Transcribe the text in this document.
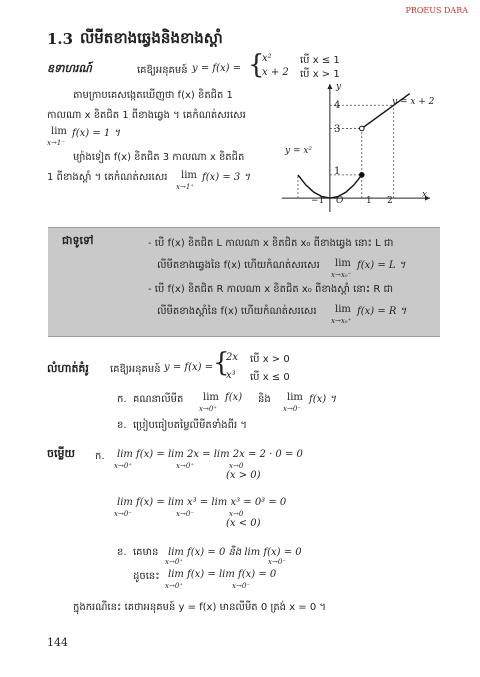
PROEUS DARA
1.3 លីមីតខាងឆ្វេងនិងខាងស្តាំ
ឧទាហរណ៍	គេឱ្យអនុគមន៍ y = f(x) = {
x²	បើ x ≤ 1
x + 2 បើ x > 1
តាមក្រាបគេសង្កេតឃើញថា f(x) ខិតជិត 1
កាលណា x ខិតជិត 1 ពីខាងឆ្វេង ។ គេកំណត់សរសេរ
lim
x→1⁻
f(x) = 1 ។
ម្យ៉ាងទៀត f(x) ខិតជិត 3 កាលណា x ខិតជិត
1 ពីខាងស្តាំ ។ គេកំណត់សរសេរ lim
x→1⁺
f(x) = 3 ។
4
3
1
−1 O	1 2
x
y
y = x + 2
y = x²
ជាទូទៅ	- បើ f(x) ខិតជិត L កាលណា x ខិតជិត x₀ ពីខាងឆ្វេង នោះ L ជា
លីមីតខាងឆ្វេងនៃ f(x) ហើយកំណត់សរសេរ lim
x→x₀⁻
f(x) = L ។
- បើ f(x) ខិតជិត R កាលណា x ខិតជិត x₀ ពីខាងស្តាំ នោះ R ជា
លីមីតខាងស្តាំនៃ f(x) ហើយកំណត់សរសេរ lim
x→x₀⁺
f(x) = R ។
លំហាត់គំរូ គេឱ្យអនុគមន៍ y = f(x) = {
2x បើ x > 0
x³ បើ x ≤ 0
ក. គណនាលីមីត lim
x→0⁺
f(x) និង lim
x→0⁻
f(x) ។
ខ. ប្រៀបធៀបតម្លៃលីមីតទាំងពីរ ។
ចម្លើយ ក. lim f(x) = lim 2x = lim 2x = 2 · 0 = 0
x→0⁺	x→0⁺	x→0
(x > 0)
lim f(x) = lim x³ = lim x³ = 0³ = 0
x→0⁻	x→0⁻	x→0
(x < 0)
ខ. គេមាន lim f(x) = 0 និង lim f(x) = 0
x→0⁺	x→0⁻
ដូចនេះ lim f(x) = lim f(x) = 0
x→0⁺	x→0⁻
ក្នុងករណីនេះ គេថាអនុគមន៍ y = f(x) មានលីមីត 0 ត្រង់ x = 0 ។
144
